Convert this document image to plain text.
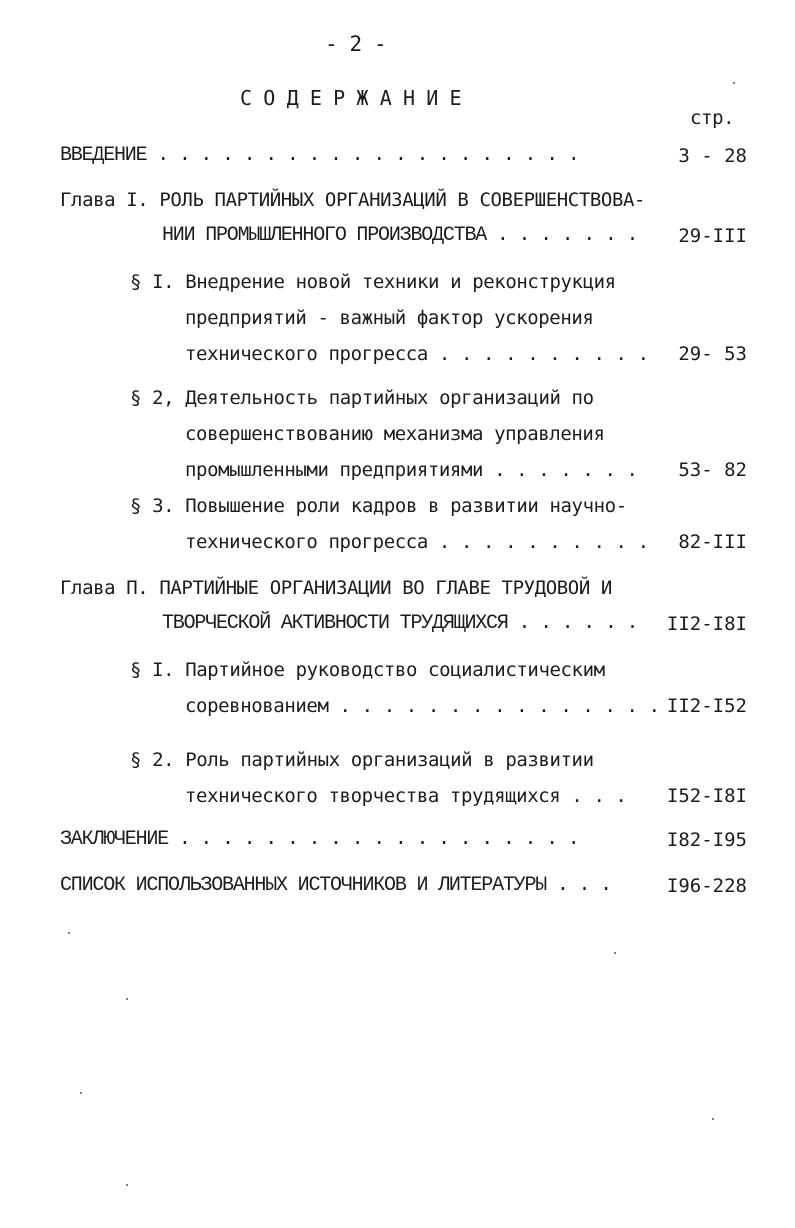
- 2 -

С О Д Е Р Ж А Н И Е

стр.

ВВЕДЕНИЕ . . . . . . . . . . . . . . . . . . . .	3 - 28

Глава I. РОЛЬ ПАРТИЙНЫХ ОРГАНИЗАЦИЙ В СОВЕРШЕНСТВОВА-

НИИ ПРОМЫШЛЕННОГО ПРОИЗВОДСТВА . . . . . . . 29-III

§ I. Внедрение новой техники и реконструкция

предприятий - важный фактор ускорения

технического прогресса . . . . . . . . . . 29- 53

§ 2, Деятельность партийных организаций по

совершенствованию механизма управления

промышленными предприятиями . . . . . . . 53- 82

§ 3. Повышение роли кадров в развитии научно-

технического прогресса . . . . . . . . . . 82-III

Глава П. ПАРТИЙНЫЕ ОРГАНИЗАЦИИ ВО ГЛАВЕ ТРУДОВОЙ И

ТВОРЧЕСКОЙ АКТИВНОСТИ ТРУДЯЩИХСЯ . . . . . . II2-I8I

§ I. Партийное руководство социалистическим

соревнованием . . . . . . . . . . . . . . . II2-I52

§ 2. Роль партийных организаций в развитии

технического творчества трудящихся . . . I52-I8I

ЗАКЛЮЧЕНИЕ . . . . . . . . . . . . . . . . . . .	I82-I95

СПИСОК ИСПОЛЬЗОВАННЫХ ИСТОЧНИКОВ И ЛИТЕРАТУРЫ . . .	I96-228
